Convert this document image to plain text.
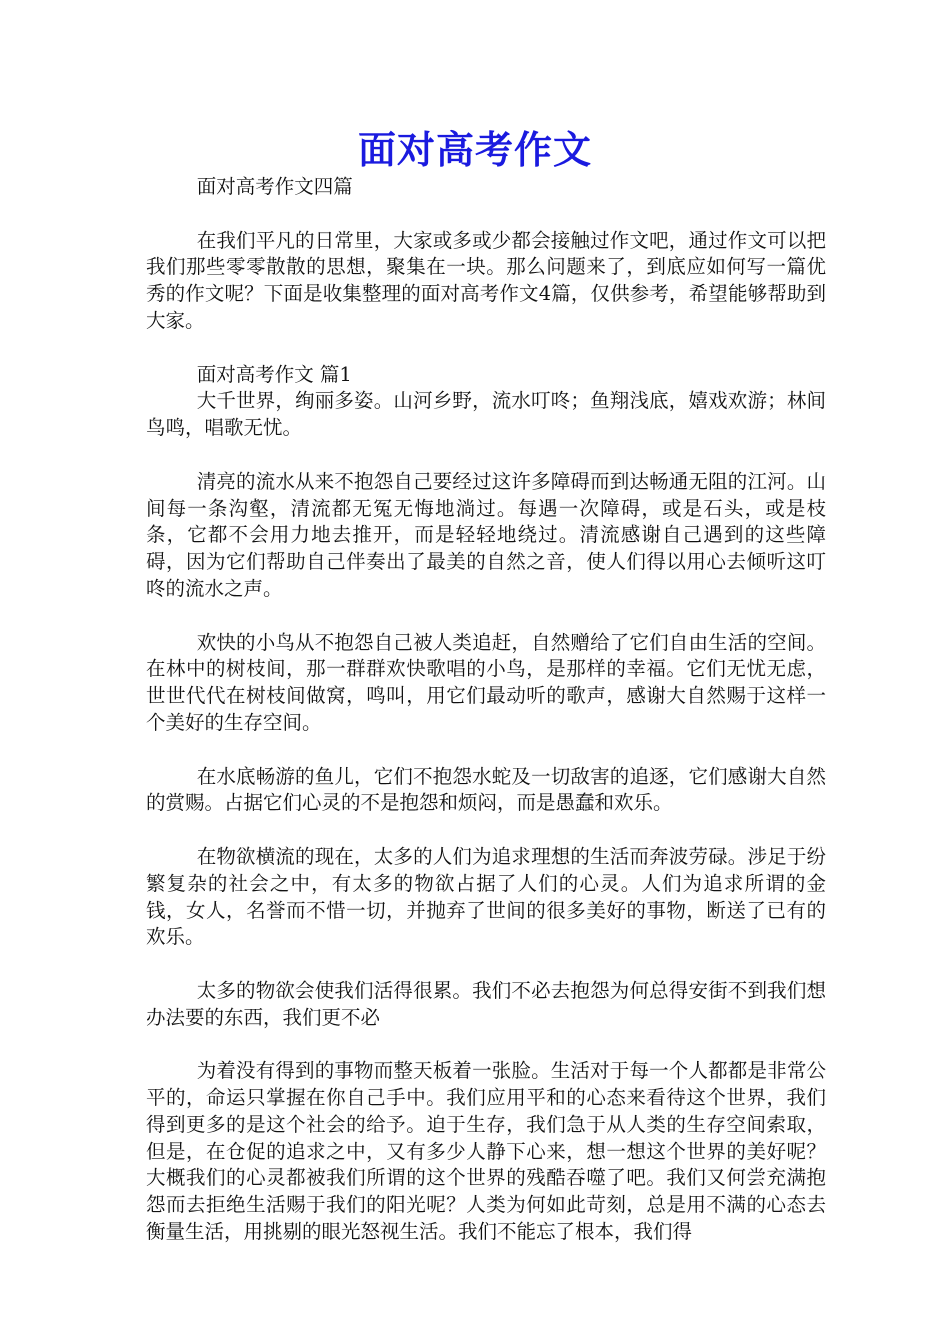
面对高考作文

面对高考作文四篇

在我们平凡的日常里，大家或多或少都会接触过作文吧，通过作文可以把我们那些零零散散的思想，聚集在一块。那么问题来了，到底应如何写一篇优秀的作文呢？下面是收集整理的面对高考作文4篇，仅供参考，希望能够帮助到大家。

面对高考作文 篇1

大千世界，绚丽多姿。山河乡野，流水叮咚；鱼翔浅底，嬉戏欢游；林间鸟鸣，唱歌无忧。

清亮的流水从来不抱怨自己要经过这许多障碍而到达畅通无阻的江河。山间每一条沟壑，清流都无冤无悔地淌过。每遇一次障碍，或是石头，或是枝条，它都不会用力地去推开，而是轻轻地绕过。清流感谢自己遇到的这些障碍，因为它们帮助自己伴奏出了最美的自然之音，使人们得以用心去倾听这叮咚的流水之声。

欢快的小鸟从不抱怨自己被人类追赶，自然赠给了它们自由生活的空间。在林中的树枝间，那一群群欢快歌唱的小鸟，是那样的幸福。它们无忧无虑，世世代代在树枝间做窝，鸣叫，用它们最动听的歌声，感谢大自然赐于这样一个美好的生存空间。

在水底畅游的鱼儿，它们不抱怨水蛇及一切敌害的追逐，它们感谢大自然的赏赐。占据它们心灵的不是抱怨和烦闷，而是愚蠢和欢乐。

在物欲横流的现在，太多的人们为追求理想的生活而奔波劳碌。涉足于纷繁复杂的社会之中，有太多的物欲占据了人们的心灵。人们为追求所谓的金钱，女人，名誉而不惜一切，并抛弃了世间的很多美好的事物，断送了已有的欢乐。

太多的物欲会使我们活得很累。我们不必去抱怨为何总得安街不到我们想办法要的东西，我们更不必

为着没有得到的事物而整天板着一张脸。生活对于每一个人都都是非常公平的，命运只掌握在你自己手中。我们应用平和的心态来看待这个世界，我们得到更多的是这个社会的给予。迫于生存，我们急于从人类的生存空间索取，但是，在仓促的追求之中，又有多少人静下心来，想一想这个世界的美好呢？大概我们的心灵都被我们所谓的这个世界的残酷吞噬了吧。我们又何尝充满抱怨而去拒绝生活赐于我们的阳光呢？人类为何如此苛刻，总是用不满的心态去衡量生活，用挑剔的眼光怒视生活。我们不能忘了根本，我们得
